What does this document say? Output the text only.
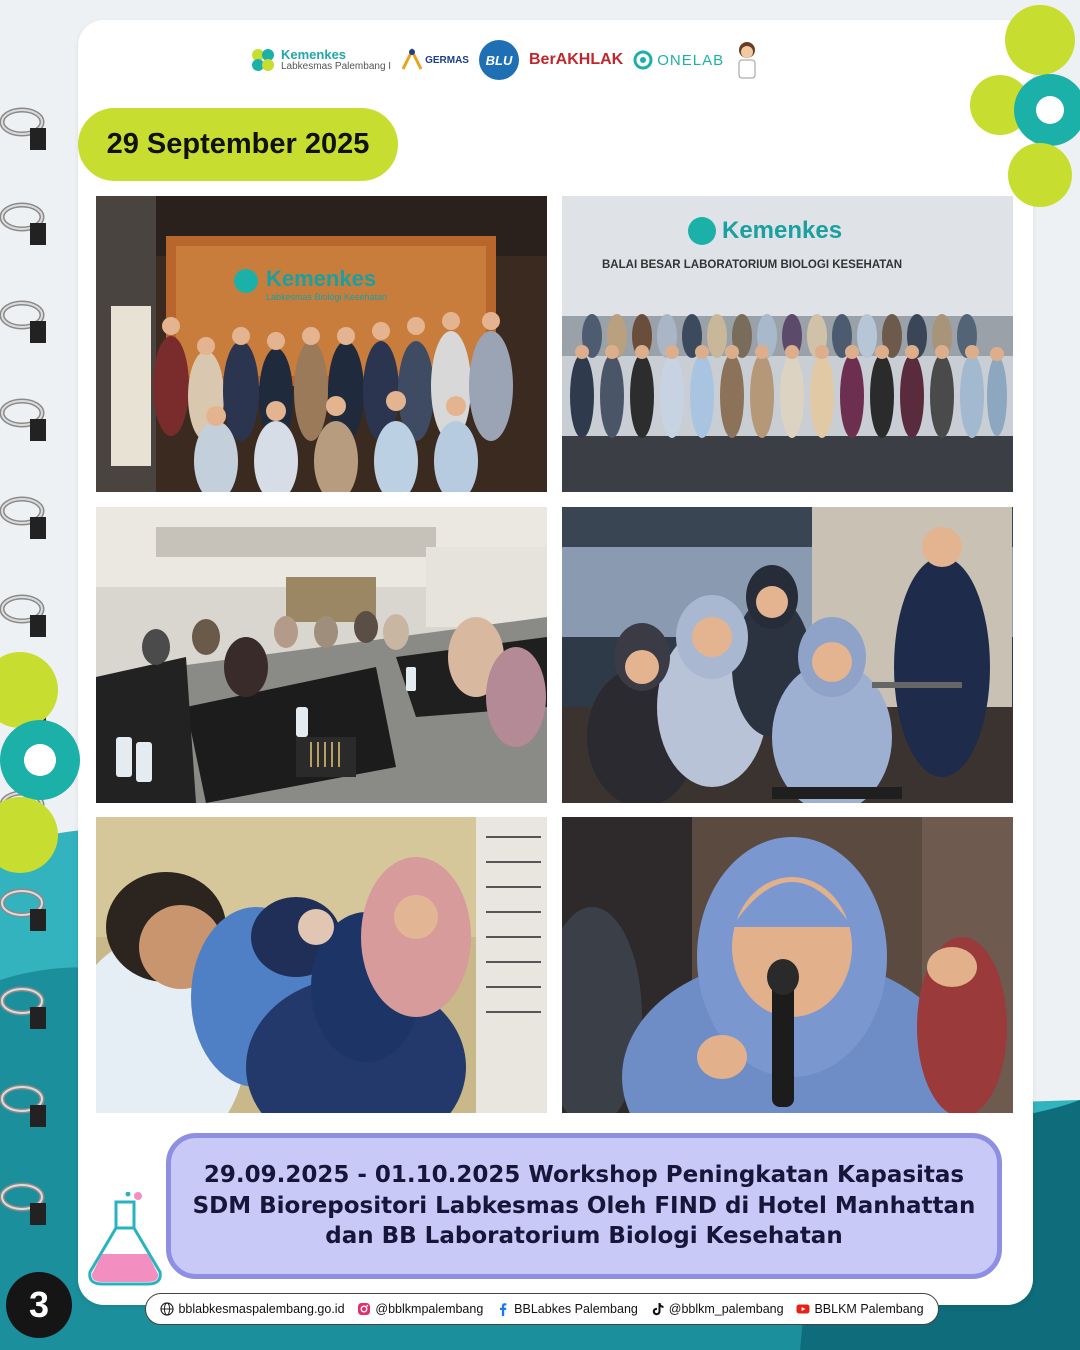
Kemenkes
Labkesmas Palembang I
GERMAS BLU BerAKHLAK ONELAB
29 September 2025
Kemenkes
Labkesmas Biologi Kesehatan
Kemenkes
BALAI BESAR LABORATORIUM BIOLOGI KESEHATAN

29.09.2025 - 01.10.2025 Workshop Peningkatan Kapasitas
SDM Biorepositori Labkesmas Oleh FIND di Hotel Manhattan
dan BB Laboratorium Biologi Kesehatan

3	bblabkesmaspalembang.go.id @bblkmpalembang BBLabkes Palembang @bblkm_palembang BBLKM Palembang
